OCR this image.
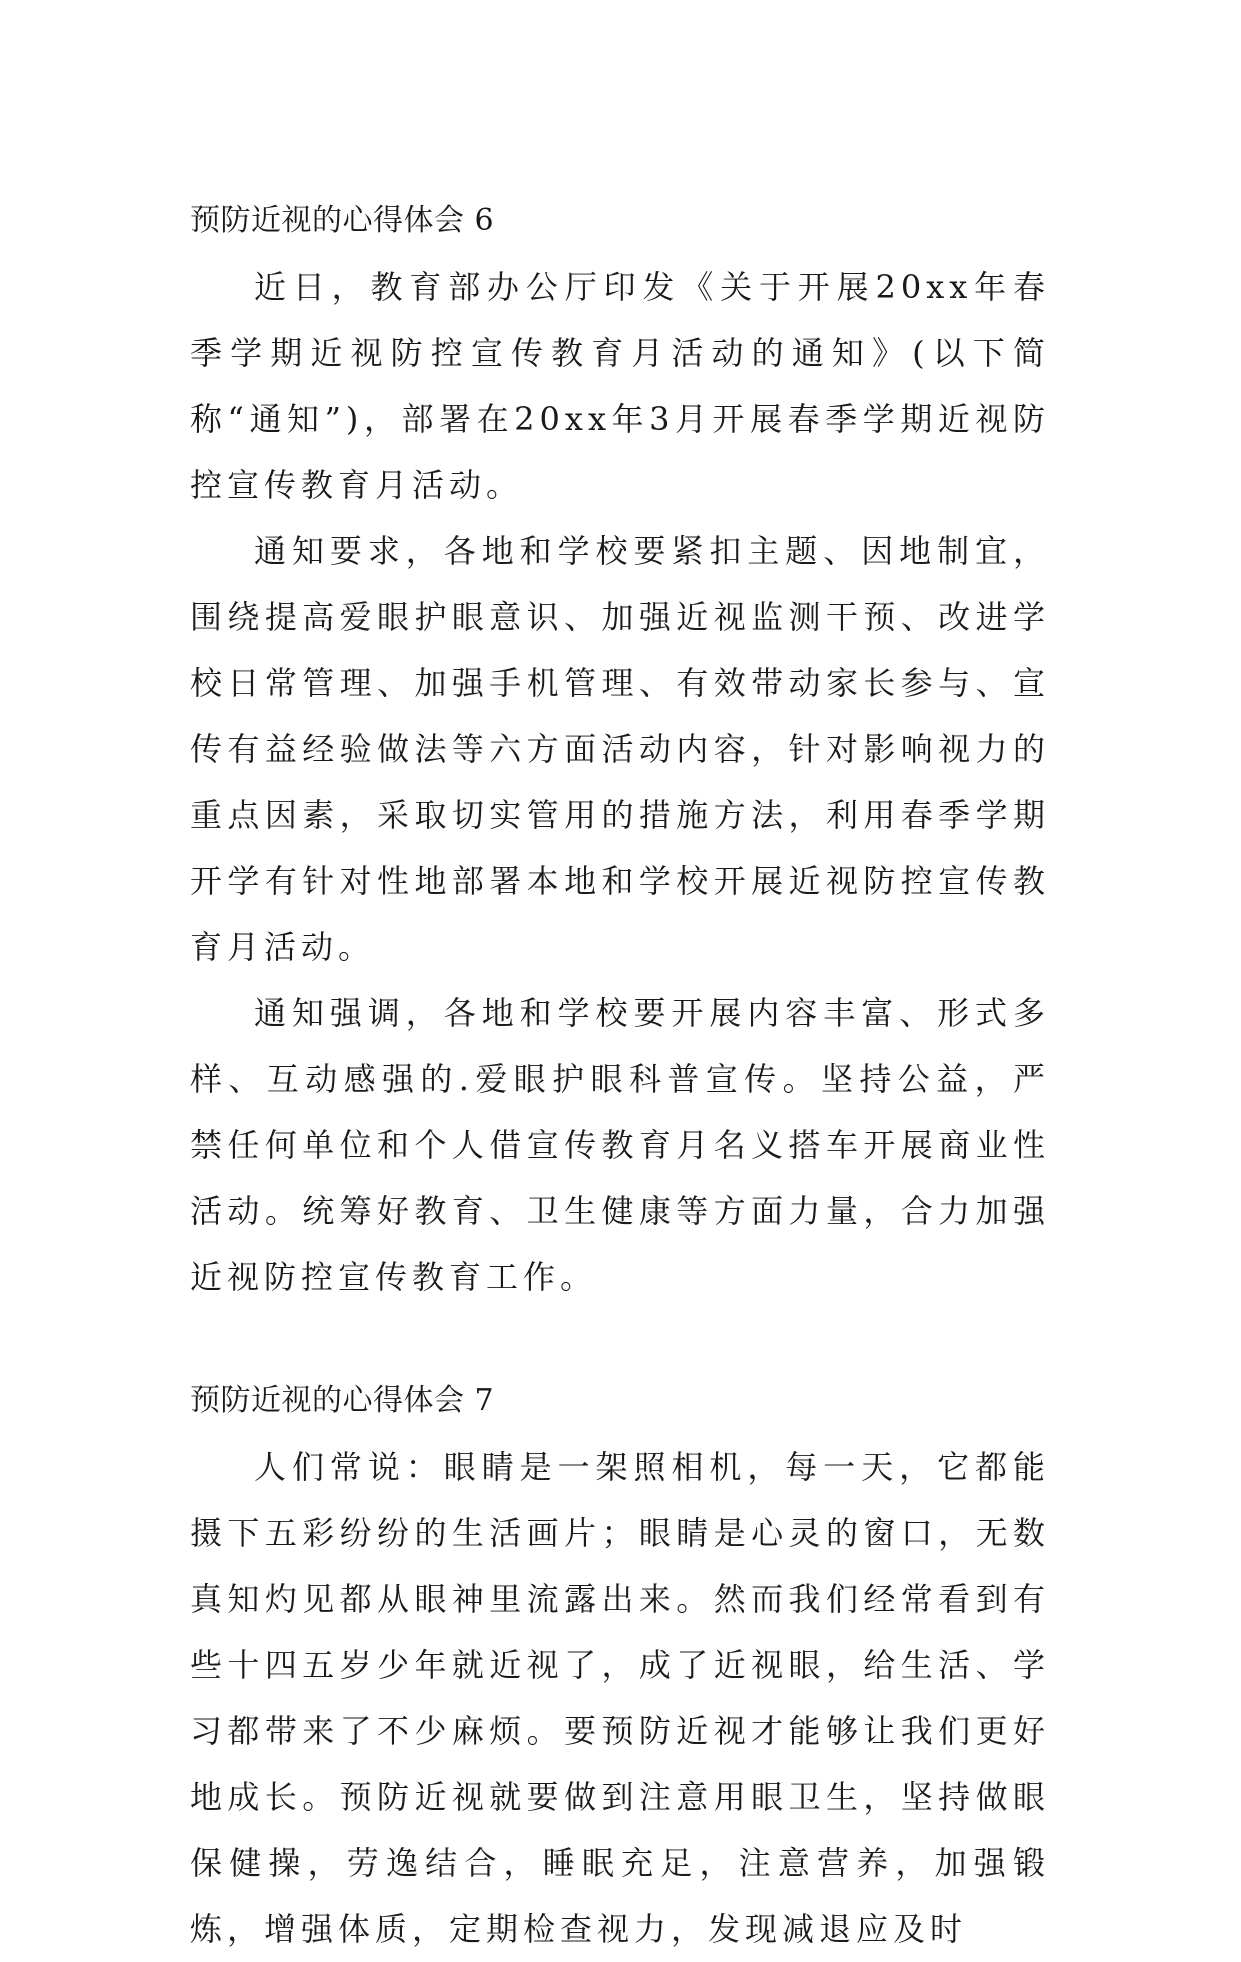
预防近视的心得体会 6

近日，教育部办公厅印发《关于开展20xx年春季学期近视防控宣传教育月活动的通知》(以下简称“通知”)，部署在20xx年3月开展春季学期近视防控宣传教育月活动。

通知要求，各地和学校要紧扣主题、因地制宜，围绕提高爱眼护眼意识、加强近视监测干预、改进学校日常管理、加强手机管理、有效带动家长参与、宣传有益经验做法等六方面活动内容，针对影响视力的重点因素，采取切实管用的措施方法，利用春季学期开学有针对性地部署本地和学校开展近视防控宣传教育月活动。

通知强调，各地和学校要开展内容丰富、形式多样、互动感强的.爱眼护眼科普宣传。坚持公益，严禁任何单位和个人借宣传教育月名义搭车开展商业性活动。统筹好教育、卫生健康等方面力量，合力加强近视防控宣传教育工作。

预防近视的心得体会 7

人们常说：眼睛是一架照相机，每一天，它都能摄下五彩纷纷的生活画片；眼睛是心灵的窗口，无数真知灼见都从眼神里流露出来。然而我们经常看到有些十四五岁少年就近视了，成了近视眼，给生活、学习都带来了不少麻烦。要预防近视才能够让我们更好地成长。预防近视就要做到注意用眼卫生，坚持做眼保健操，劳逸结合，睡眠充足，注意营养，加强锻炼，增强体质，定期检查视力，发现减退应及时
